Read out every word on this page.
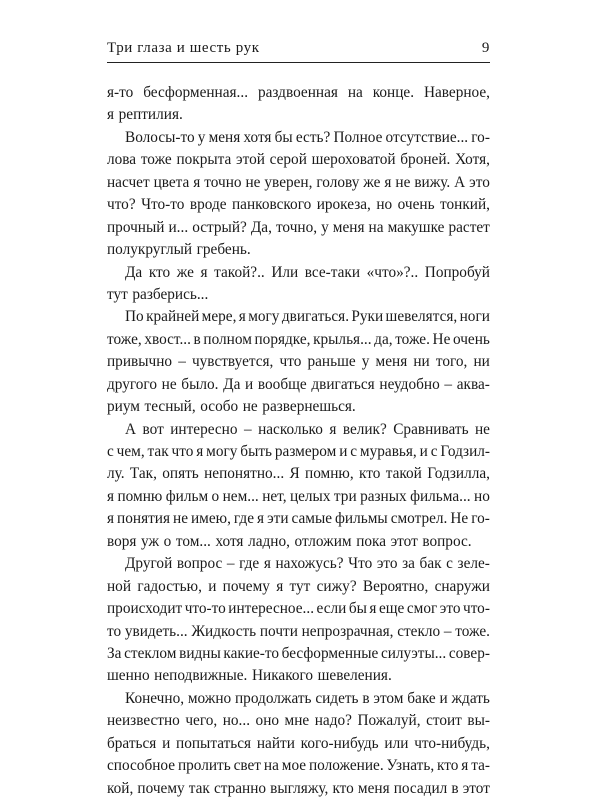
Три глаза и шесть рук	9
я-то бесформенная... раздвоенная на конце. Наверное,
я рептилия.
Волосы-то у меня хотя бы есть? Полное отсутствие... го-
лова тоже покрыта этой серой шероховатой броней. Хотя,
насчет цвета я точно не уверен, голову же я не вижу. А это
что? Что-то вроде панковского ирокеза, но очень тонкий,
прочный и... острый? Да, точно, у меня на макушке растет
полукруглый гребень.
Да кто же я такой?.. Или все-таки «что»?.. Попробуй
тут разберись...
По крайней мере, я могу двигаться. Руки шевелятся, ноги
тоже, хвост... в полном порядке, крылья... да, тоже. Не очень
привычно – чувствуется, что раньше у меня ни того, ни
другого не было. Да и вообще двигаться неудобно – аква-
риум тесный, особо не развернешься.
А вот интересно – насколько я велик? Сравнивать не
с чем, так что я могу быть размером и с муравья, и с Годзил-
лу. Так, опять непонятно... Я помню, кто такой Годзилла,
я помню фильм о нем... нет, целых три разных фильма... но
я понятия не имею, где я эти самые фильмы смотрел. Не го-
воря уж о том... хотя ладно, отложим пока этот вопрос.
Другой вопрос – где я нахожусь? Что это за бак с зеле-
ной гадостью, и почему я тут сижу? Вероятно, снаружи
происходит что-то интересное... если бы я еще смог это что-
то увидеть... Жидкость почти непрозрачная, стекло – тоже.
За стеклом видны какие-то бесформенные силуэты... совер-
шенно неподвижные. Никакого шевеления.
Конечно, можно продолжать сидеть в этом баке и ждать
неизвестно чего, но... оно мне надо? Пожалуй, стоит вы-
браться и попытаться найти кого-нибудь или что-нибудь,
способное пролить свет на мое положение. Узнать, кто я та-
кой, почему так странно выгляжу, кто меня посадил в этот
